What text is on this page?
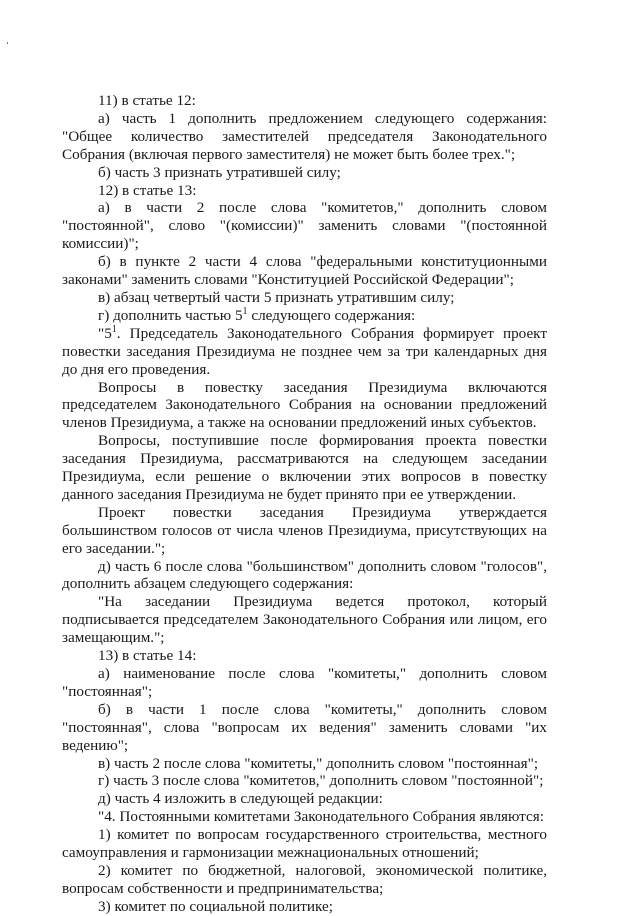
11) в статье 12:

а) часть 1 дополнить предложением следующего содержания: "Общее количество заместителей председателя Законодательного Собрания (включая первого заместителя) не может быть более трех.";

б) часть 3 признать утратившей силу;

12) в статье 13:

а) в части 2 после слова "комитетов," дополнить словом "постоянной", слово "(комиссии)" заменить словами "(постоянной комиссии)";

б) в пункте 2 части 4 слова "федеральными конституционными законами" заменить словами "Конституцией Российской Федерации";

в) абзац четвертый части 5 признать утратившим силу;

г) дополнить частью $5^1$ следующего содержания:

"$5^1$. Председатель Законодательного Собрания формирует проект повестки заседания Президиума не позднее чем за три календарных дня до дня его проведения.

Вопросы в повестку заседания Президиума включаются председателем Законодательного Собрания на основании предложений членов Президиума, а также на основании предложений иных субъектов.

Вопросы, поступившие после формирования проекта повестки заседания Президиума, рассматриваются на следующем заседании Президиума, если решение о включении этих вопросов в повестку данного заседания Президиума не будет принято при ее утверждении.

Проект повестки заседания Президиума утверждается большинством голосов от числа членов Президиума, присутствующих на его заседании.";

д) часть 6 после слова "большинством" дополнить словом "голосов", дополнить абзацем следующего содержания:

"На заседании Президиума ведется протокол, который подписывается председателем Законодательного Собрания или лицом, его замещающим.";

13) в статье 14:

а) наименование после слова "комитеты," дополнить словом "постоянная";

б) в части 1 после слова "комитеты," дополнить словом "постоянная", слова "вопросам их ведения" заменить словами "их ведению";

в) часть 2 после слова "комитеты," дополнить словом "постоянная";

г) часть 3 после слова "комитетов," дополнить словом "постоянной";

д) часть 4 изложить в следующей редакции:

"4. Постоянными комитетами Законодательного Собрания являются:

1) комитет по вопросам государственного строительства, местного самоуправления и гармонизации межнациональных отношений;

2) комитет по бюджетной, налоговой, экономической политике, вопросам собственности и предпринимательства;

3) комитет по социальной политике;
